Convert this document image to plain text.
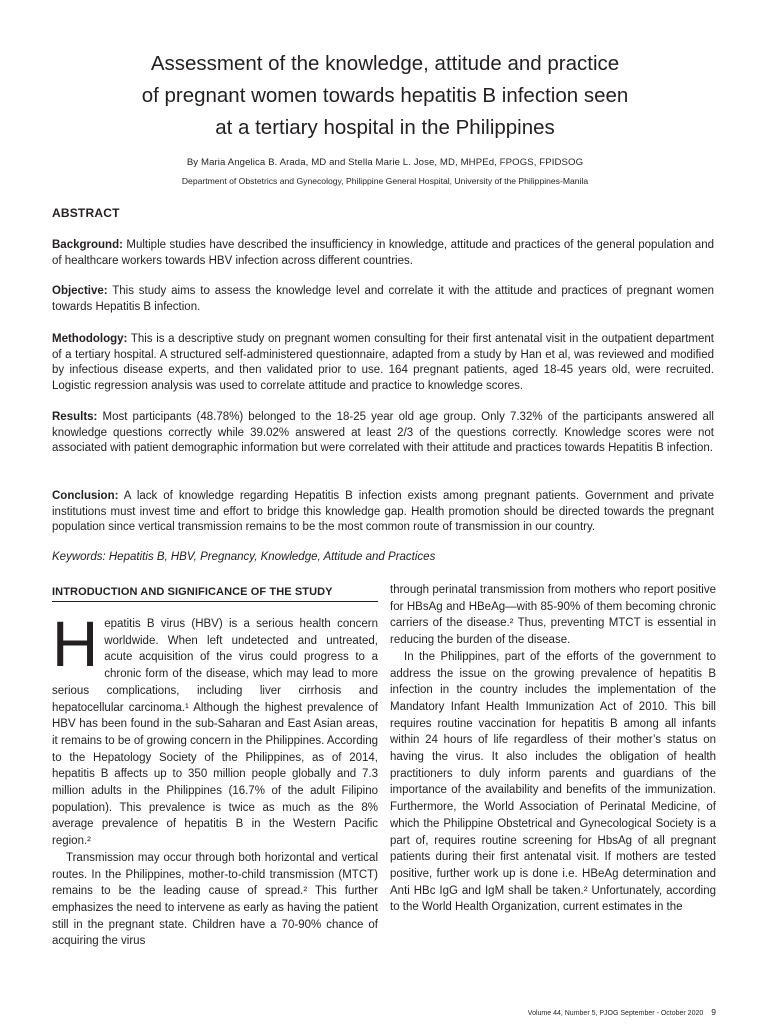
Assessment of the knowledge, attitude and practice
of pregnant women towards hepatitis B infection seen
at a tertiary hospital in the Philippines
By Maria Angelica B. Arada, MD and Stella Marie L. Jose, MD, MHPEd, FPOGS, FPIDSOG
Department of Obstetrics and Gynecology, Philippine General Hospital, University of the Philippines-Manila
ABSTRACT

Background: Multiple studies have described the insufficiency in knowledge, attitude and practices of the general population and of healthcare workers towards HBV infection across different countries.

Objective: This study aims to assess the knowledge level and correlate it with the attitude and practices of pregnant women towards Hepatitis B infection.

Methodology: This is a descriptive study on pregnant women consulting for their first antenatal visit in the outpatient department of a tertiary hospital. A structured self-administered questionnaire, adapted from a study by Han et al, was reviewed and modified by infectious disease experts, and then validated prior to use. 164 pregnant patients, aged 18-45 years old, were recruited. Logistic regression analysis was used to correlate attitude and practice to knowledge scores.

Results: Most participants (48.78%) belonged to the 18-25 year old age group. Only 7.32% of the participants answered all knowledge questions correctly while 39.02% answered at least 2/3 of the questions correctly. Knowledge scores were not associated with patient demographic information but were correlated with their attitude and practices towards Hepatitis B infection.

Conclusion: A lack of knowledge regarding Hepatitis B infection exists among pregnant patients. Government and private institutions must invest time and effort to bridge this knowledge gap. Health promotion should be directed towards the pregnant population since vertical transmission remains to be the most common route of transmission in our country.

Keywords: Hepatitis B, HBV, Pregnancy, Knowledge, Attitude and Practices
INTRODUCTION AND SIGNIFICANCE OF THE STUDY

Hepatitis B virus (HBV) is a serious health concern worldwide. When left undetected and untreated, acute acquisition of the virus could progress to a chronic form of the disease, which may lead to more serious complications, including liver cirrhosis and hepatocellular carcinoma.¹ Although the highest prevalence of HBV has been found in the sub-Saharan and East Asian areas, it remains to be of growing concern in the Philippines. According to the Hepatology Society of the Philippines, as of 2014, hepatitis B affects up to 350 million people globally and 7.3 million adults in the Philippines (16.7% of the adult Filipino population). This prevalence is twice as much as the 8% average prevalence of hepatitis B in the Western Pacific region.²

Transmission may occur through both horizontal and vertical routes. In the Philippines, mother-to-child transmission (MTCT) remains to be the leading cause of spread.² This further emphasizes the need to intervene as early as having the patient still in the pregnant state. Children have a 70-90% chance of acquiring the virus

through perinatal transmission from mothers who report positive for HBsAg and HBeAg—with 85-90% of them becoming chronic carriers of the disease.² Thus, preventing MTCT is essential in reducing the burden of the disease.

In the Philippines, part of the efforts of the government to address the issue on the growing prevalence of hepatitis B infection in the country includes the implementation of the Mandatory Infant Health Immunization Act of 2010. This bill requires routine vaccination for hepatitis B among all infants within 24 hours of life regardless of their mother’s status on having the virus. It also includes the obligation of health practitioners to duly inform parents and guardians of the importance of the availability and benefits of the immunization. Furthermore, the World Association of Perinatal Medicine, of which the Philippine Obstetrical and Gynecological Society is a part of, requires routine screening for HbsAg of all pregnant patients during their first antenatal visit. If mothers are tested positive, further work up is done i.e. HBeAg determination and Anti HBc IgG and IgM shall be taken.² Unfortunately, according to the World Health Organization, current estimates in the

Volume 44, Number 5, PJOG September - October 2020 9
